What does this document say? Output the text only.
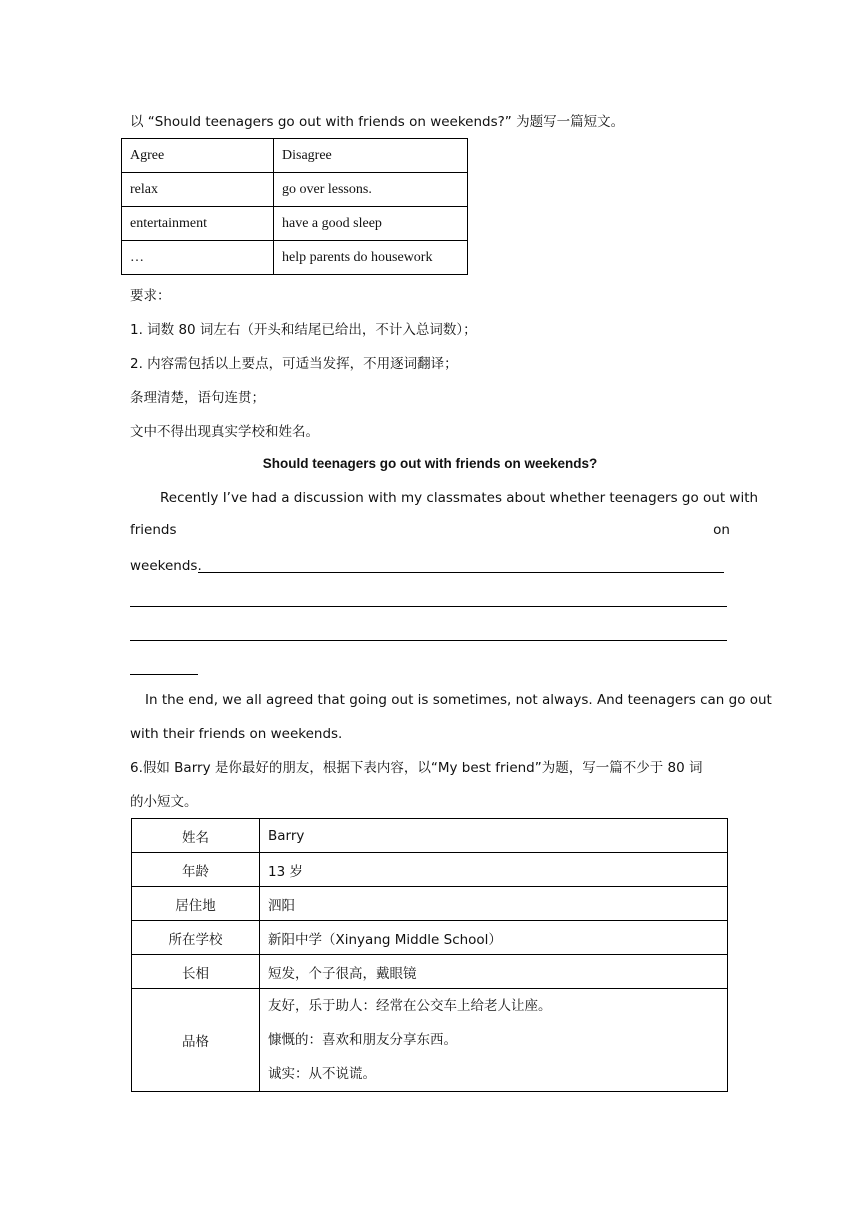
以 “Should teenagers go out with friends on weekends?” 为题写一篇短文。
Agree	Disagree
relax	go over lessons.
entertainment	have a good sleep
…	help parents do housework
要求：
1. 词数 80 词左右（开头和结尾已给出，不计入总词数）；
2. 内容需包括以上要点，可适当发挥，不用逐词翻译；
条理清楚，语句连贯；
文中不得出现真实学校和姓名。
Should teenagers go out with friends on weekends?
Recently I’ve had a discussion with my classmates about whether teenagers go out with
friends	on
weekends.
In the end, we all agreed that going out is sometimes, not always. And teenagers can go out
with their friends on weekends.
6.假如 Barry 是你最好的朋友，根据下表内容，以“My best friend”为题，写一篇不少于 80 词
的小短文。
姓名	Barry
年龄	13 岁
居住地	泗阳
所在学校	新阳中学（Xinyang Middle School）
长相	短发，个子很高，戴眼镜
品格	友好，乐于助人：经常在公交车上给老人让座。
慷慨的：喜欢和朋友分享东西。
诚实：从不说谎。
